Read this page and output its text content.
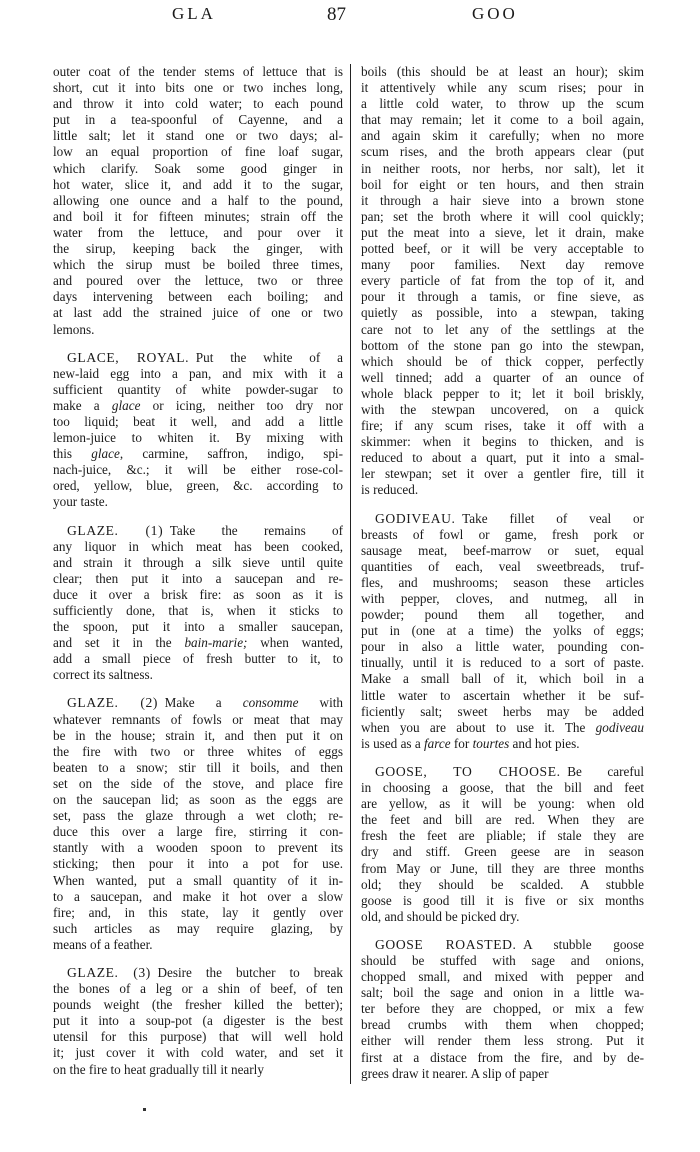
GLA	87	GOO
outer coat of the tender stems of lettuce that is
short, cut it into bits one or two inches long,
and throw it into cold water; to each pound
put in a tea-spoonful of Cayenne, and a
little salt; let it stand one or two days; al-
low an equal proportion of fine loaf sugar,
which clarify. Soak some good ginger in
hot water, slice it, and add it to the sugar,
allowing one ounce and a half to the pound,
and boil it for fifteen minutes; strain off the
water from the lettuce, and pour over it
the sirup, keeping back the ginger, with
which the sirup must be boiled three times,
and poured over the lettuce, two or three
days intervening between each boiling; and
at last add the strained juice of one or two
lemons.
GLACE, ROYAL.  Put the white of a
new-laid egg into a pan, and mix with it a
sufficient quantity of white powder-sugar to
make a glace or icing, neither too dry nor
too liquid; beat it well, and add a little
lemon-juice to whiten it. By mixing with
this glace, carmine, saffron, indigo, spi-
nach-juice, &c.; it will be either rose-col-
ored, yellow, blue, green, &c. according to
your taste.
GLAZE. (1)  Take the remains of
any liquor in which meat has been cooked,
and strain it through a silk sieve until quite
clear; then put it into a saucepan and re-
duce it over a brisk fire: as soon as it is
sufficiently done, that is, when it sticks to
the spoon, put it into a smaller saucepan,
and set it in the bain-marie; when wanted,
add a small piece of fresh butter to it, to
correct its saltness.
GLAZE. (2)  Make a consomme with
whatever remnants of fowls or meat that may
be in the house; strain it, and then put it on
the fire with two or three whites of eggs
beaten to a snow; stir till it boils, and then
set on the side of the stove, and place fire
on the saucepan lid; as soon as the eggs are
set, pass the glaze through a wet cloth; re-
duce this over a large fire, stirring it con-
stantly with a wooden spoon to prevent its
sticking; then pour it into a pot for use.
When wanted, put a small quantity of it in-
to a saucepan, and make it hot over a slow
fire; and, in this state, lay it gently over
such articles as may require glazing, by
means of a feather.
GLAZE. (3)  Desire the butcher to break
the bones of a leg or a shin of beef, of ten
pounds weight (the fresher killed the better);
put it into a soup-pot (a digester is the best
utensil for this purpose) that will well hold
it; just cover it with cold water, and set it
on the fire to heat gradually till it nearly
boils (this should be at least an hour); skim
it attentively while any scum rises; pour in
a little cold water, to throw up the scum
that may remain; let it come to a boil again,
and again skim it carefully; when no more
scum rises, and the broth appears clear (put
in neither roots, nor herbs, nor salt), let it
boil for eight or ten hours, and then strain
it through a hair sieve into a brown stone
pan; set the broth where it will cool quickly;
put the meat into a sieve, let it drain, make
potted beef, or it will be very acceptable to
many poor families. Next day remove
every particle of fat from the top of it, and
pour it through a tamis, or fine sieve, as
quietly as possible, into a stewpan, taking
care not to let any of the settlings at the
bottom of the stone pan go into the stewpan,
which should be of thick copper, perfectly
well tinned; add a quarter of an ounce of
whole black pepper to it; let it boil briskly,
with the stewpan uncovered, on a quick
fire; if any scum rises, take it off with a
skimmer: when it begins to thicken, and is
reduced to about a quart, put it into a smal-
ler stewpan; set it over a gentler fire, till it
is reduced.
GODIVEAU.  Take fillet of veal or
breasts of fowl or game, fresh pork or
sausage meat, beef-marrow or suet, equal
quantities of each, veal sweetbreads, truf-
fles, and mushrooms; season these articles
with pepper, cloves, and nutmeg, all in
powder; pound them all together, and
put in (one at a time) the yolks of eggs;
pour in also a little water, pounding con-
tinually, until it is reduced to a sort of paste.
Make a small ball of it, which boil in a
little water to ascertain whether it be suf-
ficiently salt; sweet herbs may be added
when you are about to use it. The godiveau
is used as a farce for tourtes and hot pies.
GOOSE, TO CHOOSE.  Be careful
in choosing a goose, that the bill and feet
are yellow, as it will be young: when old
the feet and bill are red. When they are
fresh the feet are pliable; if stale they are
dry and stiff. Green geese are in season
from May or June, till they are three months
old; they should be scalded. A stubble
goose is good till it is five or six months
old, and should be picked dry.
GOOSE ROASTED.  A stubble goose
should be stuffed with sage and onions,
chopped small, and mixed with pepper and
salt; boil the sage and onion in a little wa-
ter before they are chopped, or mix a few
bread crumbs with them when chopped;
either will render them less strong. Put it
first at a distace from the fire, and by de-
grees draw it nearer. A slip of paper
